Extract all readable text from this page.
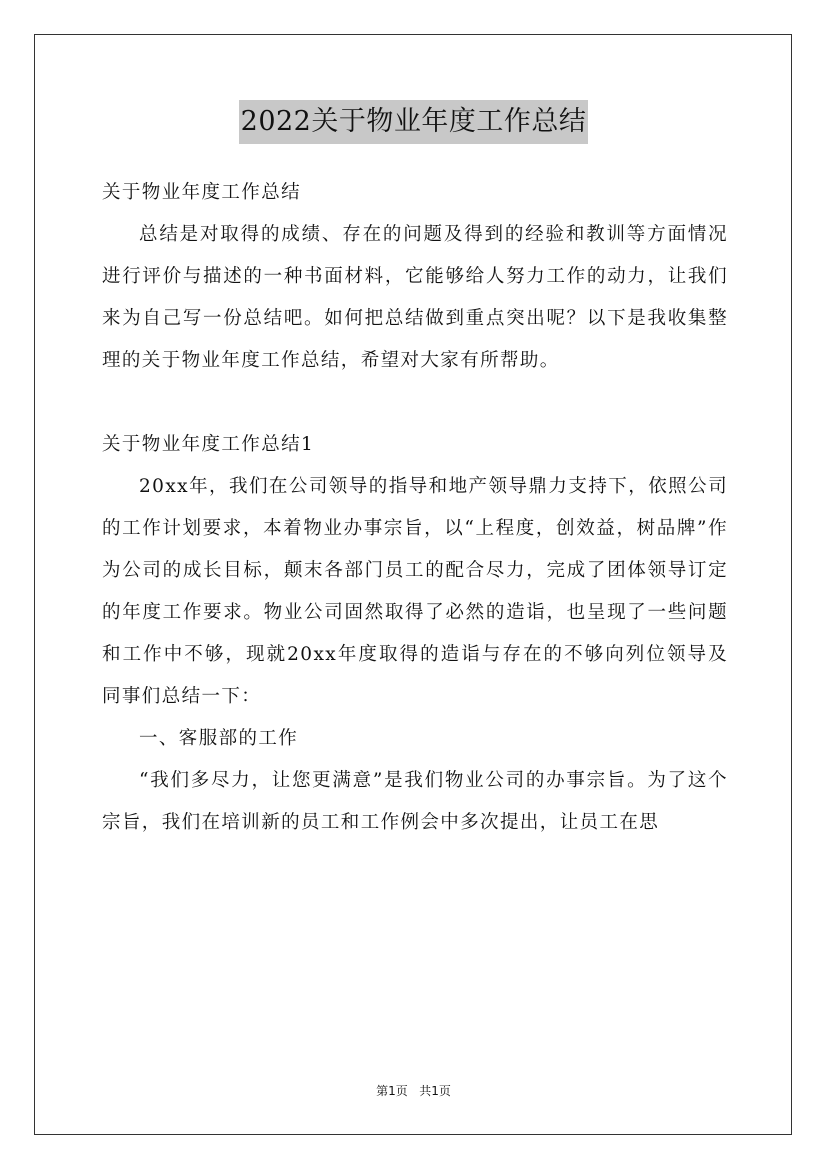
2022关于物业年度工作总结

关于物业年度工作总结

总结是对取得的成绩、存在的问题及得到的经验和教训等方面情况进行评价与描述的一种书面材料，它能够给人努力工作的动力，让我们来为自己写一份总结吧。如何把总结做到重点突出呢？以下是我收集整理的关于物业年度工作总结，希望对大家有所帮助。

关于物业年度工作总结1

20xx年，我们在公司领导的指导和地产领导鼎力支持下，依照公司的工作计划要求，本着物业办事宗旨，以“上程度，创效益，树品牌”作为公司的成长目标，颠末各部门员工的配合尽力，完成了团体领导订定的年度工作要求。物业公司固然取得了必然的造诣，也呈现了一些问题和工作中不够，现就20xx年度取得的造诣与存在的不够向列位领导及同事们总结一下：

一、客服部的工作

“我们多尽力，让您更满意”是我们物业公司的办事宗旨。为了这个宗旨，我们在培训新的员工和工作例会中多次提出，让员工在思

第1页 共1页
